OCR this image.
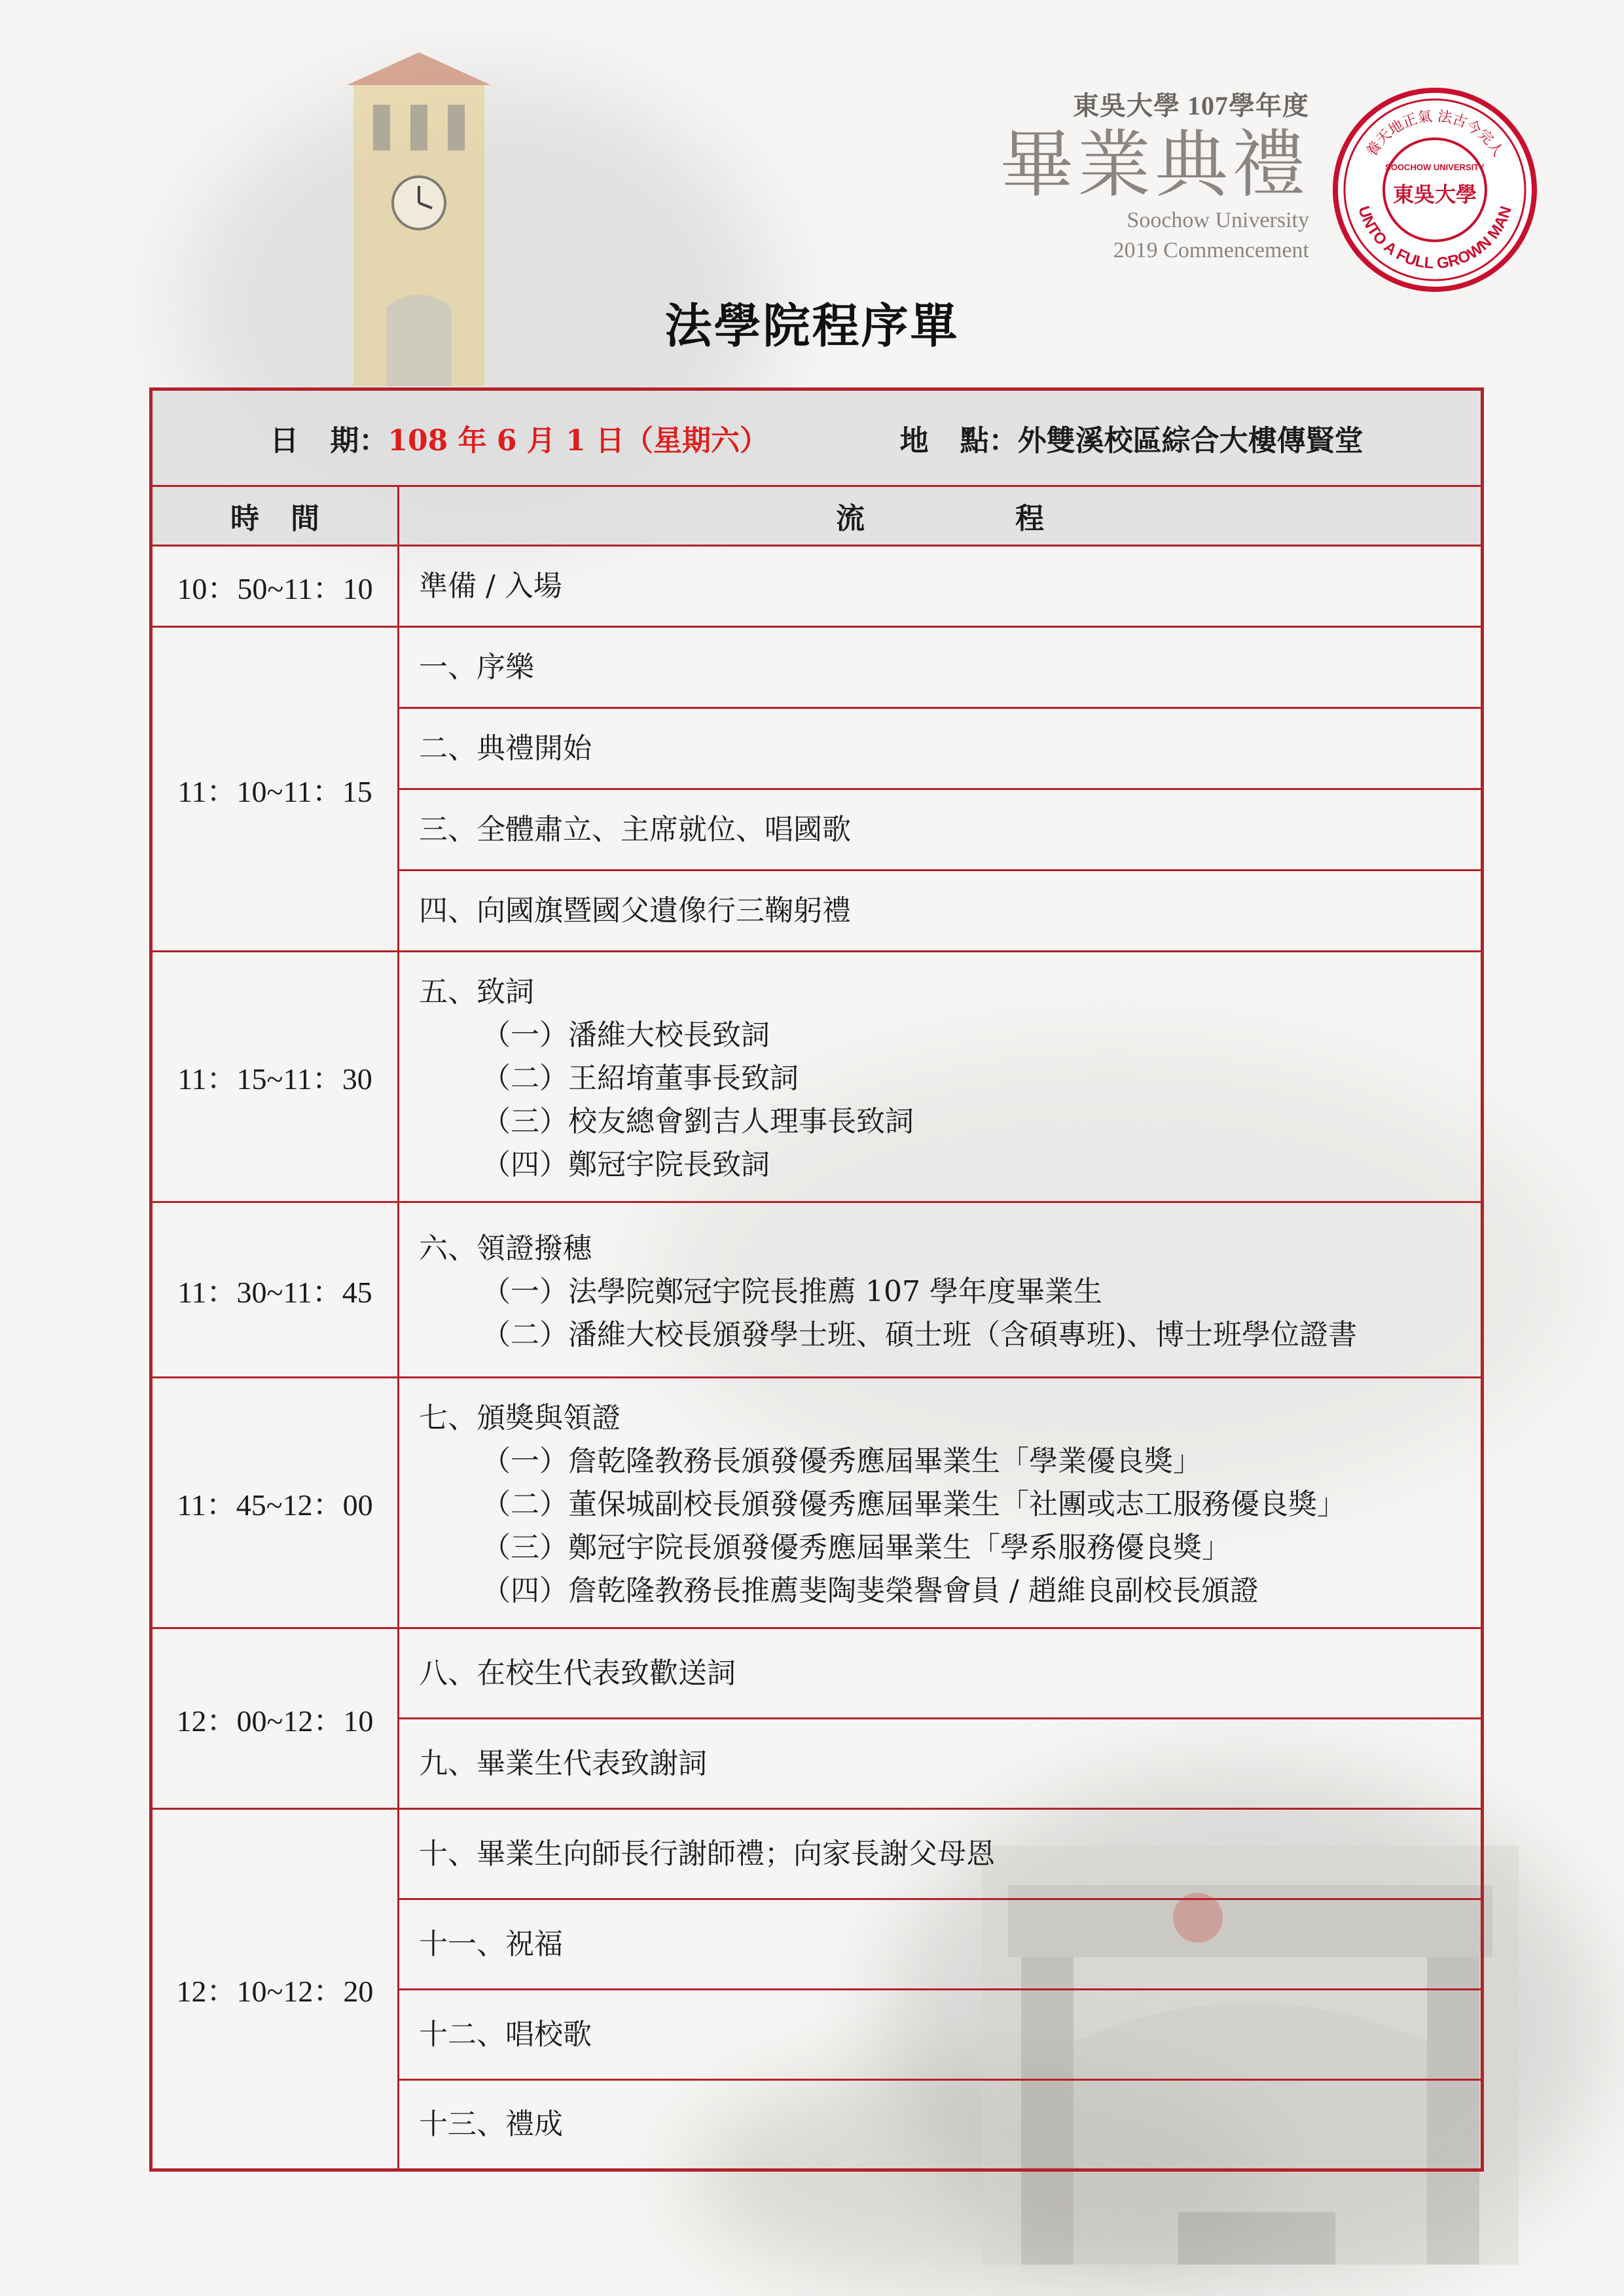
東吳大學 107學年度
畢業典禮
Soochow University
2019 Commencement
養天地正氣 法古今完人
UNTO A FULL GROWN MAN
SOOCHOW UNIVERSITY
東吳大學
法學院程序單
日 期：108 年 6 月 1 日（星期六） 地 點：外雙溪校區綜合大樓傳賢堂	
時 間	流 程
10：50~11：10	準備 / 入場
11：10~11：15	一、序樂
	二、典禮開始
	三、全體肅立、主席就位、唱國歌
	四、向國旗暨國父遺像行三鞠躬禮
11：15~11：30	五、致詞
（一）潘維大校長致詞
（二）王紹堉董事長致詞
（三）校友總會劉吉人理事長致詞
（四）鄭冠宇院長致詞

11：30~11：45	六、領證撥穗
（一）法學院鄭冠宇院長推薦 107 學年度畢業生
（二）潘維大校長頒發學士班、碩士班（含碩專班)、博士班學位證書

11：45~12：00	七、頒獎與領證
（一）詹乾隆教務長頒發優秀應屆畢業生「學業優良獎」
（二）董保城副校長頒發優秀應屆畢業生「社團或志工服務優良獎」
（三）鄭冠宇院長頒發優秀應屆畢業生「學系服務優良獎」
（四）詹乾隆教務長推薦斐陶斐榮譽會員 / 趙維良副校長頒證

12：00~12：10	八、在校生代表致歡送詞
	九、畢業生代表致謝詞
12：10~12：20	十、畢業生向師長行謝師禮；向家長謝父母恩
	十一、祝福
	十二、唱校歌
	十三、禮成
